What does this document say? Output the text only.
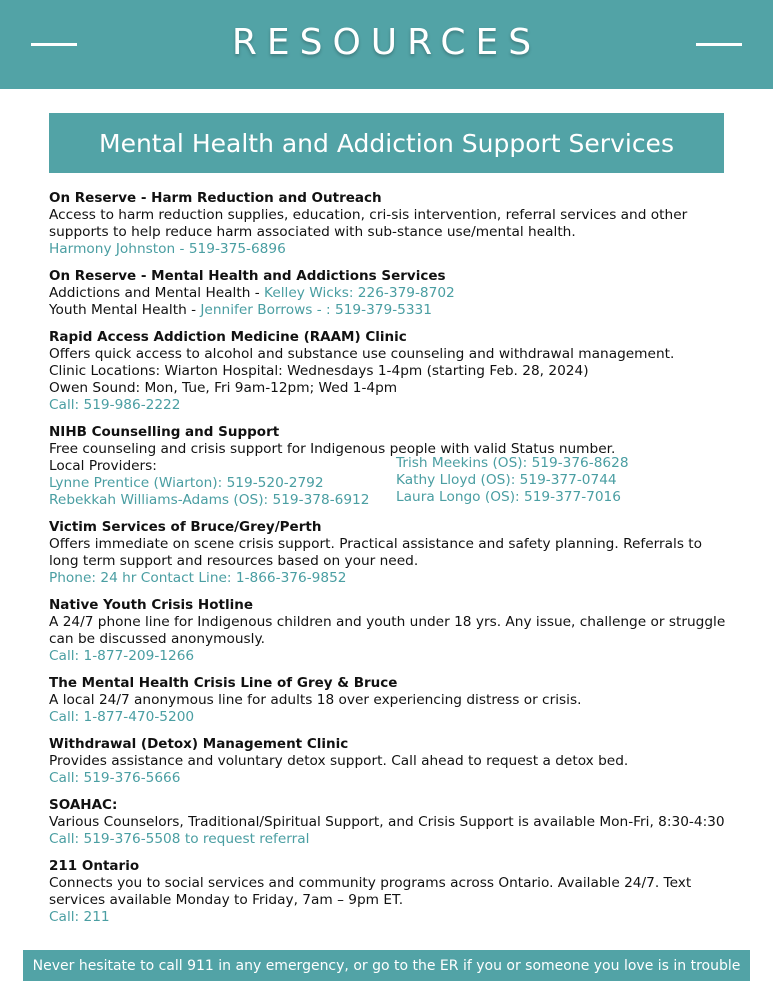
RESOURCES
Mental Health and Addiction Support Services
On Reserve - Harm Reduction and Outreach
Access to harm reduction supplies, education, cri-sis intervention, referral services and other
supports to help reduce harm associated with sub-stance use/mental health.
Harmony Johnston - 519-375-6896
On Reserve - Mental Health and Addictions Services
Addictions and Mental Health - Kelley Wicks: 226-379-8702
Youth Mental Health - Jennifer Borrows - : 519-379-5331
Rapid Access Addiction Medicine (RAAM) Clinic
Offers quick access to alcohol and substance use counseling and withdrawal management.
Clinic Locations: Wiarton Hospital: Wednesdays 1-4pm (starting Feb. 28, 2024)
Owen Sound: Mon, Tue, Fri 9am-12pm; Wed 1-4pm
Call: 519-986-2222
NIHB Counselling and Support
Free counseling and crisis support for Indigenous people with valid Status number.
Local Providers:
Lynne Prentice (Wiarton): 519-520-2792
Rebekkah Williams-Adams (OS): 519-378-6912
Trish Meekins (OS): 519-376-8628
Kathy Lloyd (OS): 519-377-0744
Laura Longo (OS): 519-377-7016
Victim Services of Bruce/Grey/Perth
Offers immediate on scene crisis support. Practical assistance and safety planning. Referrals to
long term support and resources based on your need.
Phone: 24 hr Contact Line: 1-866-376-9852
Native Youth Crisis Hotline
A 24/7 phone line for Indigenous children and youth under 18 yrs. Any issue, challenge or struggle
can be discussed anonymously.
Call: 1-877-209-1266
The Mental Health Crisis Line of Grey & Bruce
A local 24/7 anonymous line for adults 18 over experiencing distress or crisis.
Call: 1-877-470-5200
Withdrawal (Detox) Management Clinic
Provides assistance and voluntary detox support. Call ahead to request a detox bed.
Call: 519-376-5666
SOAHAC:
Various Counselors, Traditional/Spiritual Support, and Crisis Support is available Mon-Fri, 8:30-4:30
Call: 519-376-5508 to request referral
211 Ontario
Connects you to social services and community programs across Ontario. Available 24/7. Text
services available Monday to Friday, 7am – 9pm ET.
Call: 211
Never hesitate to call 911 in any emergency, or go to the ER if you or someone you love is in trouble
